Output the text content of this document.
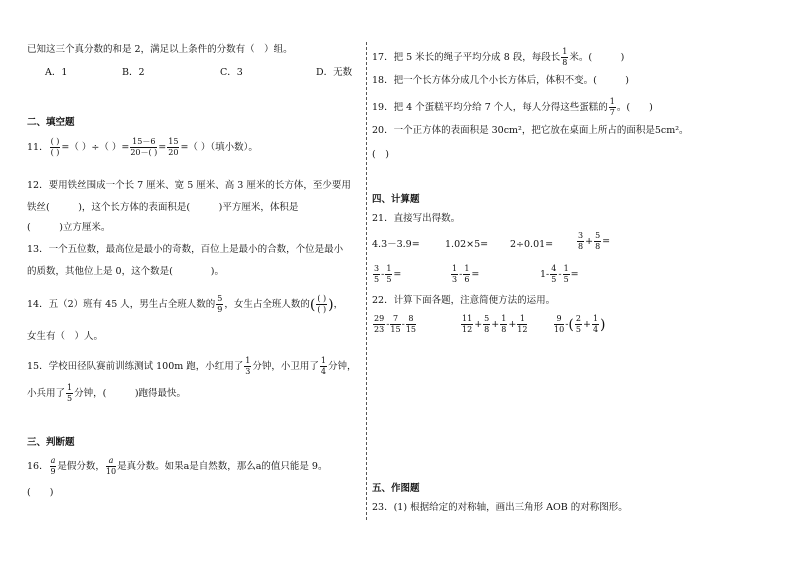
已知这三个真分数的和是 2，满足以上条件的分数有（　）组。
A．1	B．2	C．3	D．无数
二、填空题
11．
( )
( ) =（ ）÷（ ）= $\frac{15-6}{20-( )} = \frac{15}{20}$ =（ ）（填小数）。
12．要用铁丝围成一个长 7 厘米、宽 5 厘米、高 3 厘米的长方体，至少要用
铁丝(　　　)，这个长方体的表面积是(　　　)平方厘米，体积是
(　　　)立方厘米。
13．一个五位数，最高位是最小的奇数，百位上是最小的合数，个位是最小
的质数，其他位上是 0，这个数是(　　　　)。
14．五（2）班有 45 人，男生占全班人数的 $\frac{5}{9}$ ，女生占全班人数的( ( )
( ) )，
女生有（　）人。
15．学校田径队赛前训练测试 100m 跑，小红用了 $\frac{1}{3}$ 分钟，小卫用了 $\frac{1}{4}$ 分钟，
小兵用了 $\frac{1}{5}$ 分钟，(　　　)跑得最快。
三、判断题
16． $\frac{a}{9}$ 是假分数， $\frac{a}{10}$ 是真分数。如果a是自然数，那么a的值只能是 9。
(　　)
17．把 5 米长的绳子平均分成 8 段，每段长 $\frac{1}{8}$ 米。(　　　)
18．把一个长方体分成几个小长方体后，体积不变。(　　　)
19．把 4 个蛋糕平均分给 7 个人，每人分得这些蛋糕的 $\frac{1}{7}$ 。(　　)
20．一个正方体的表面积是 30cm²，把它放在桌面上所占的面积是5cm²。
(　)
四、计算题
21．直接写出得数。
4.3－3.9=	1.02×5= 2÷0.01=	$\frac{3}{8} + \frac{5}{8}$ =
$\frac{3}{5} - \frac{1}{5}$ =	$\frac{1}{3} - \frac{1}{6}$ =	$1- \frac{4}{5} - \frac{1}{5}$ =
22．计算下面各题，注意简便方法的运用。
$\frac{29}{23} - \frac{7}{15} - \frac{8}{15}$	$\frac{11}{12} + \frac{5}{8} + \frac{1}{8} + \frac{1}{12}$	$\frac{9}{10}$ -( $\frac{2}{5} + \frac{1}{4}$ )
五、作图题
23．(1) 根据给定的对称轴，画出三角形 AOB 的对称图形。
